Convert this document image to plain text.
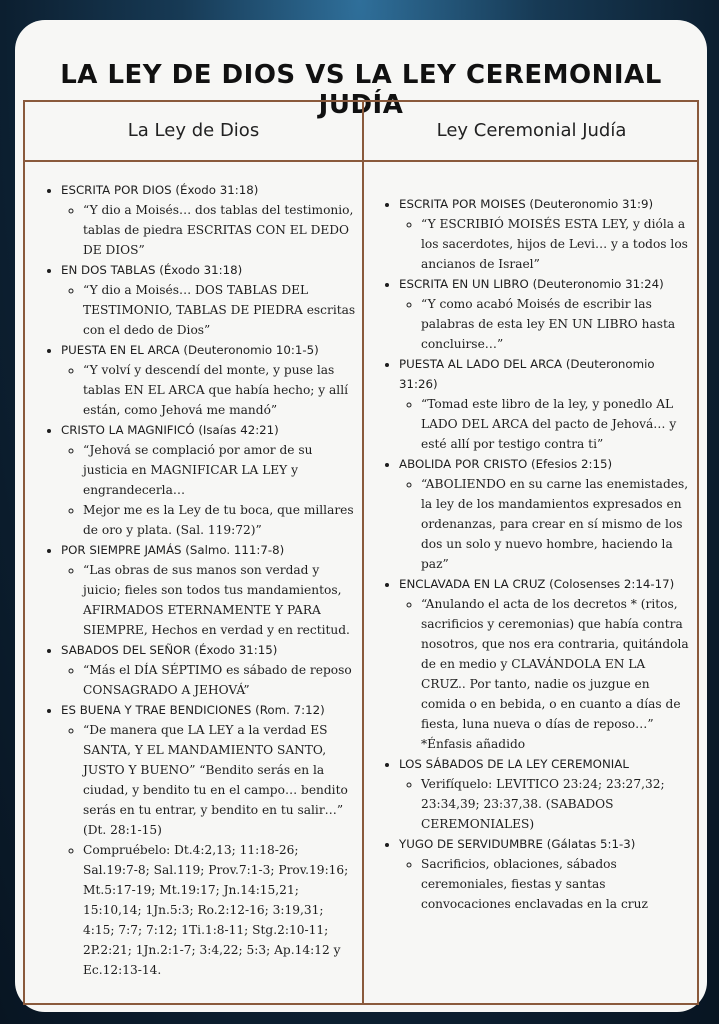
LA LEY DE DIOS VS LA LEY CEREMONIAL JUDÍA
La Ley de Dios	Ley Ceremonial Judía
• ESCRITA POR DIOS (Éxodo 31:18)
◦ “Y dio a Moisés… dos tablas del testimonio, tablas de piedra ESCRITAS CON EL DEDO DE DIOS”
• EN DOS TABLAS (Éxodo 31:18)
◦ “Y dio a Moisés… DOS TABLAS DEL TESTIMONIO, TABLAS DE PIEDRA escritas con el dedo de Dios”
• PUESTA EN EL ARCA (Deuteronomio 10:1-5)
◦ “Y volví y descendí del monte, y puse las tablas EN EL ARCA que había hecho; y allí están, como Jehová me mandó”
• CRISTO LA MAGNIFICÓ (Isaías 42:21)
◦ “Jehová se complació por amor de su justicia en MAGNIFICAR LA LEY y engrandecerla…
◦ Mejor me es la Ley de tu boca, que millares de oro y plata. (Sal. 119:72)”
• POR SIEMPRE JAMÁS (Salmo. 111:7-8)
◦ “Las obras de sus manos son verdad y juicio; fieles son todos tus mandamientos, AFIRMADOS ETERNAMENTE Y PARA SIEMPRE, Hechos en verdad y en rectitud.
• SABADOS DEL SEÑOR (Éxodo 31:15)
◦ “Más el DÍA SÉPTIMO es sábado de reposo CONSAGRADO A JEHOVÁ”
• ES BUENA Y TRAE BENDICIONES (Rom. 7:12)
◦ “De manera que LA LEY a la verdad ES SANTA, Y EL MANDAMIENTO SANTO, JUSTO Y BUENO” “Bendito serás en la ciudad, y bendito tu en el campo… bendito serás en tu entrar, y bendito en tu salir…” (Dt. 28:1-15)
◦ Compruébelo: Dt.4:2,13; 11:18-26; Sal.19:7-8; Sal.119; Prov.7:1-3; Prov.19:16; Mt.5:17-19; Mt.19:17; Jn.14:15,21; 15:10,14; 1Jn.5:3; Ro.2:12-16; 3:19,31; 4:15; 7:7; 7:12; 1Ti.1:8-11; Stg.2:10-11; 2P.2:21; 1Jn.2:1-7; 3:4,22; 5:3; Ap.14:12 y Ec.12:13-14.
• ESCRITA POR MOISES (Deuteronomio 31:9)
◦ “Y ESCRIBIÓ MOISÉS ESTA LEY, y dióla a los sacerdotes, hijos de Levi… y a todos los ancianos de Israel”
• ESCRITA EN UN LIBRO (Deuteronomio 31:24)
◦ “Y como acabó Moisés de escribir las palabras de esta ley EN UN LIBRO hasta concluirse…”
• PUESTA AL LADO DEL ARCA (Deuteronomio 31:26)
◦ “Tomad este libro de la ley, y ponedlo AL LADO DEL ARCA del pacto de Jehová… y esté allí por testigo contra ti”
• ABOLIDA POR CRISTO (Efesios 2:15)
◦ “ABOLIENDO en su carne las enemistades, la ley de los mandamientos expresados en ordenanzas, para crear en sí mismo de los dos un solo y nuevo hombre, haciendo la paz”
• ENCLAVADA EN LA CRUZ (Colosenses 2:14-17)
◦ “Anulando el acta de los decretos * (ritos, sacrificios y ceremonias) que había contra nosotros, que nos era contraria, quitándola de en medio y CLAVÁNDOLA EN LA CRUZ.. Por tanto, nadie os juzgue en comida o en bebida, o en cuanto a días de fiesta, luna nueva o días de reposo…” *Énfasis añadido
• LOS SÁBADOS DE LA LEY CEREMONIAL
◦ Verifíquelo: LEVITICO 23:24; 23:27,32; 23:34,39; 23:37,38. (SABADOS CEREMONIALES)
• YUGO DE SERVIDUMBRE (Gálatas 5:1-3)
◦ Sacrificios, oblaciones, sábados ceremoniales, fiestas y santas convocaciones enclavadas en la cruz
